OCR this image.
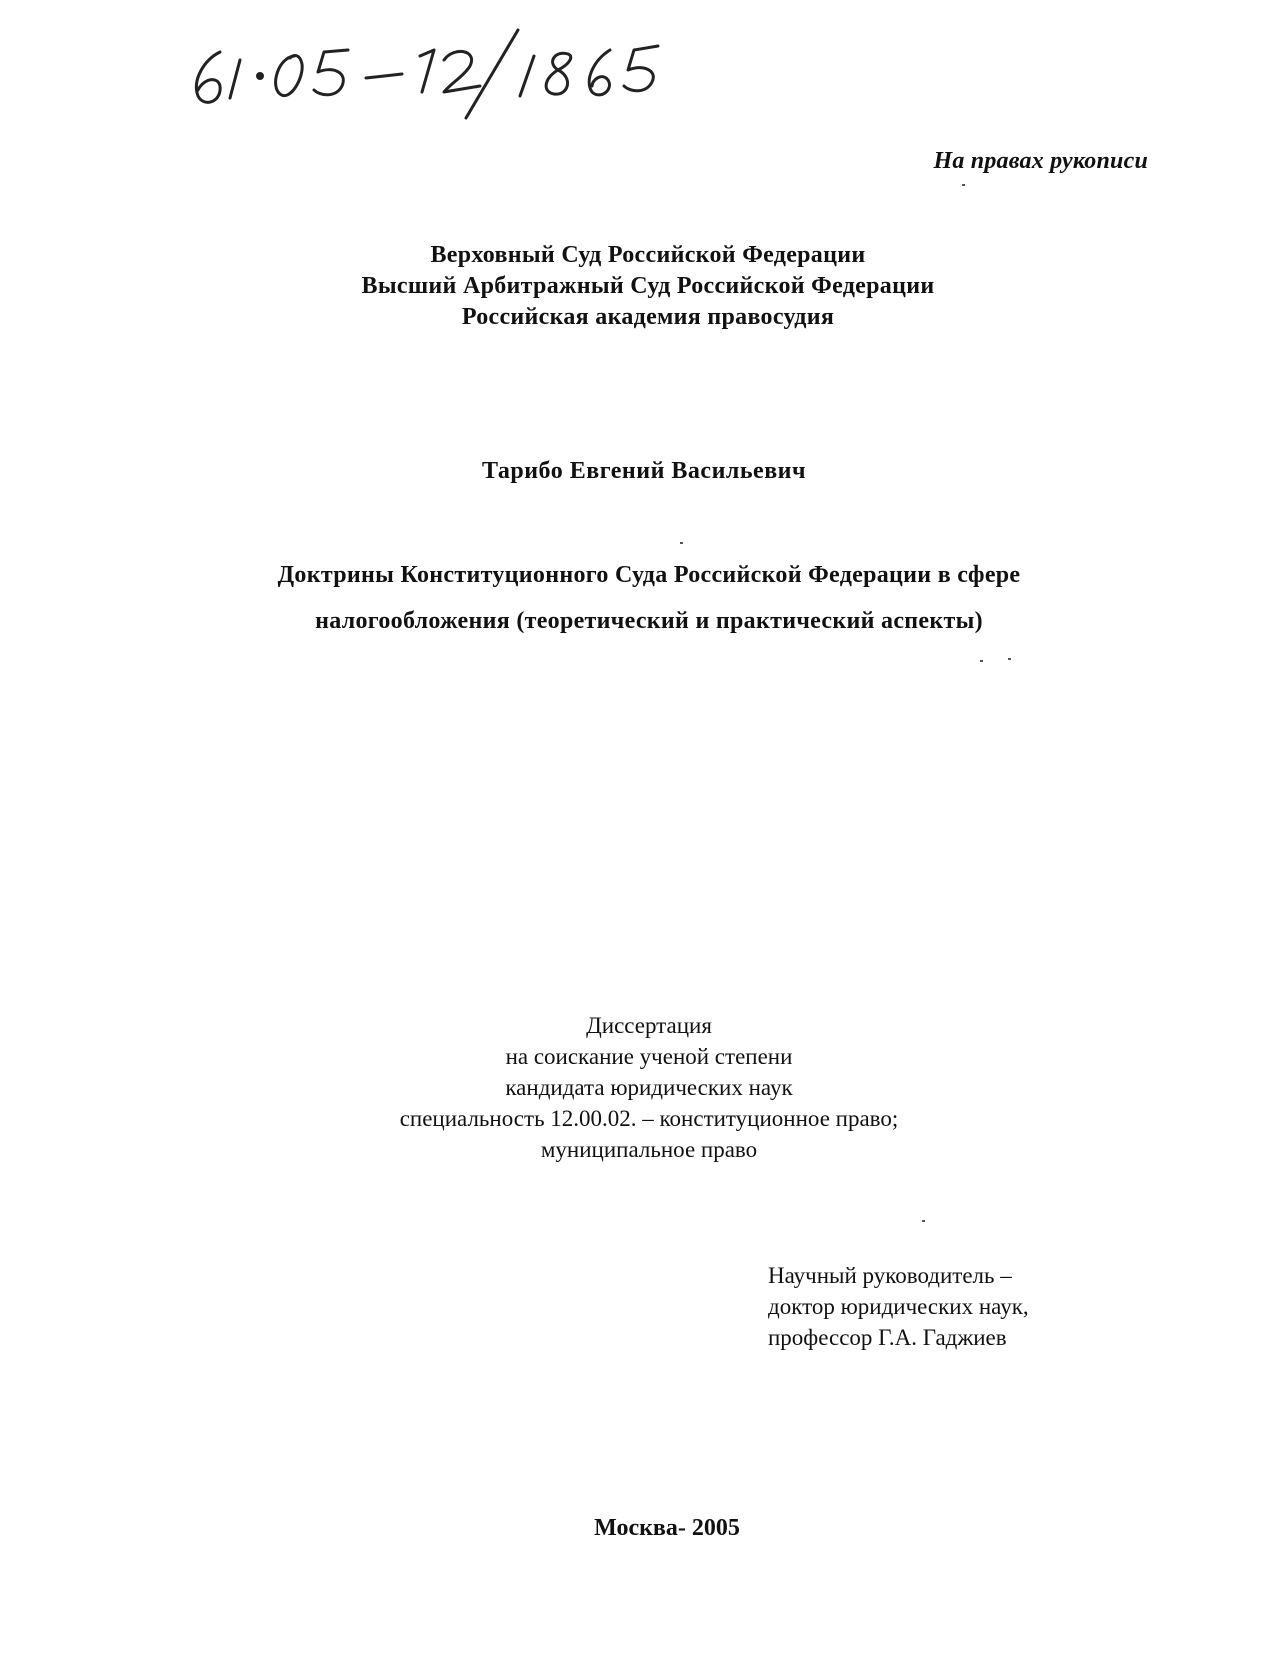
На правах рукописи
Верховный Суд Российской Федерации
Высший Арбитражный Суд Российской Федерации
Российская академия правосудия
Тарибо Евгений Васильевич
Доктрины Конституционного Суда Российской Федерации в сфере
налогообложения (теоретический и практический аспекты)
Диссертация
на соискание ученой степени
кандидата юридических наук
специальность 12.00.02. – конституционное право;
муниципальное право
Научный руководитель –
доктор юридических наук,
профессор Г.А. Гаджиев
Москва- 2005
